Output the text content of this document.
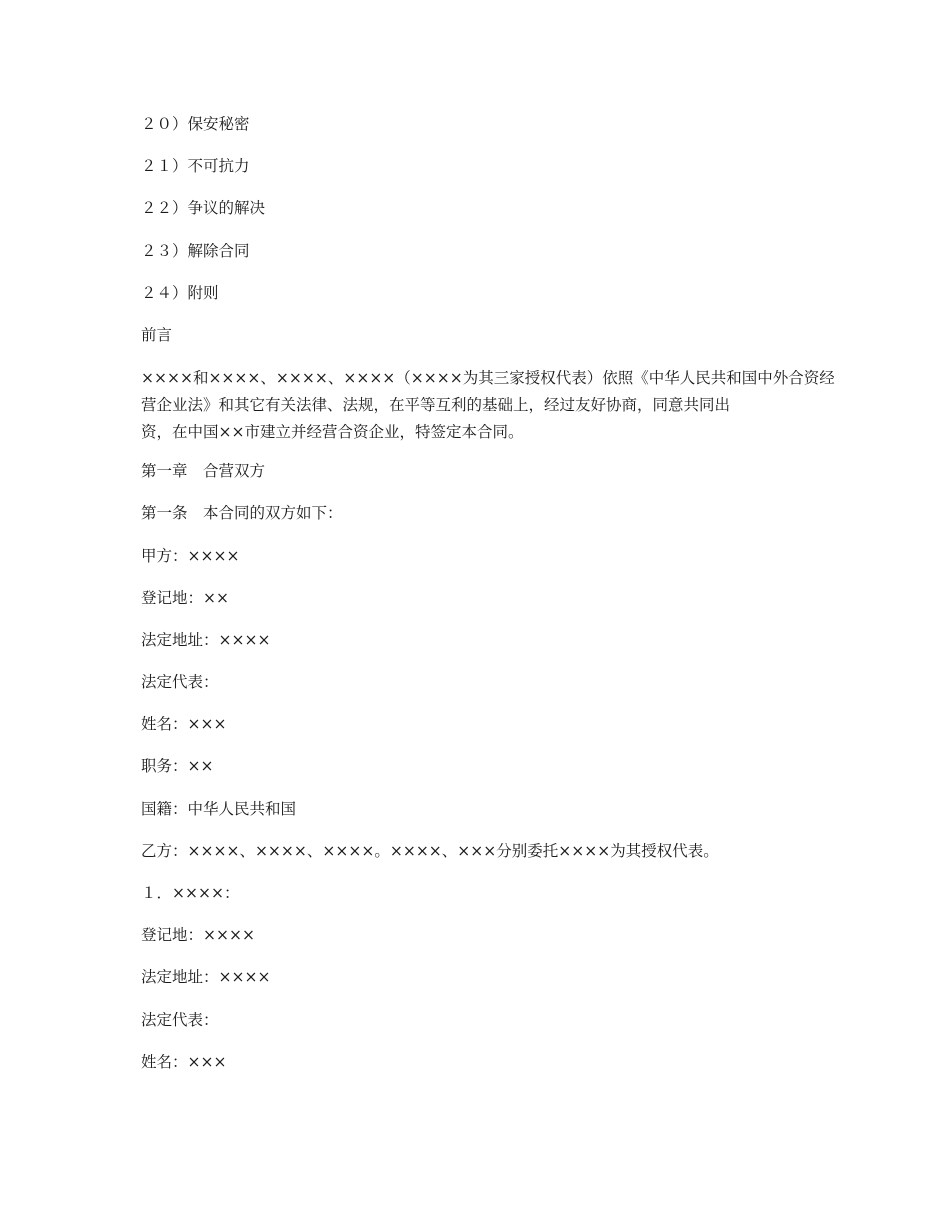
２０）保安秘密
２１）不可抗力
２２）争议的解决
２３）解除合同
２４）附则
前言
××××和××××、××××、××××（××××为其三家授权代表）依照《中华人民共和国中外合资经
营企业法》和其它有关法律、法规，在平等互利的基础上，经过友好协商，同意共同出
资，在中国××市建立并经营合资企业，特签定本合同。
第一章　合营双方
第一条　本合同的双方如下：
甲方：××××
登记地：××
法定地址：××××
法定代表：
姓名：×××
职务：××
国籍：中华人民共和国
乙方：××××、××××、××××。××××、×××分别委托××××为其授权代表。
１．××××：
登记地：××××
法定地址：××××
法定代表：
姓名：×××
